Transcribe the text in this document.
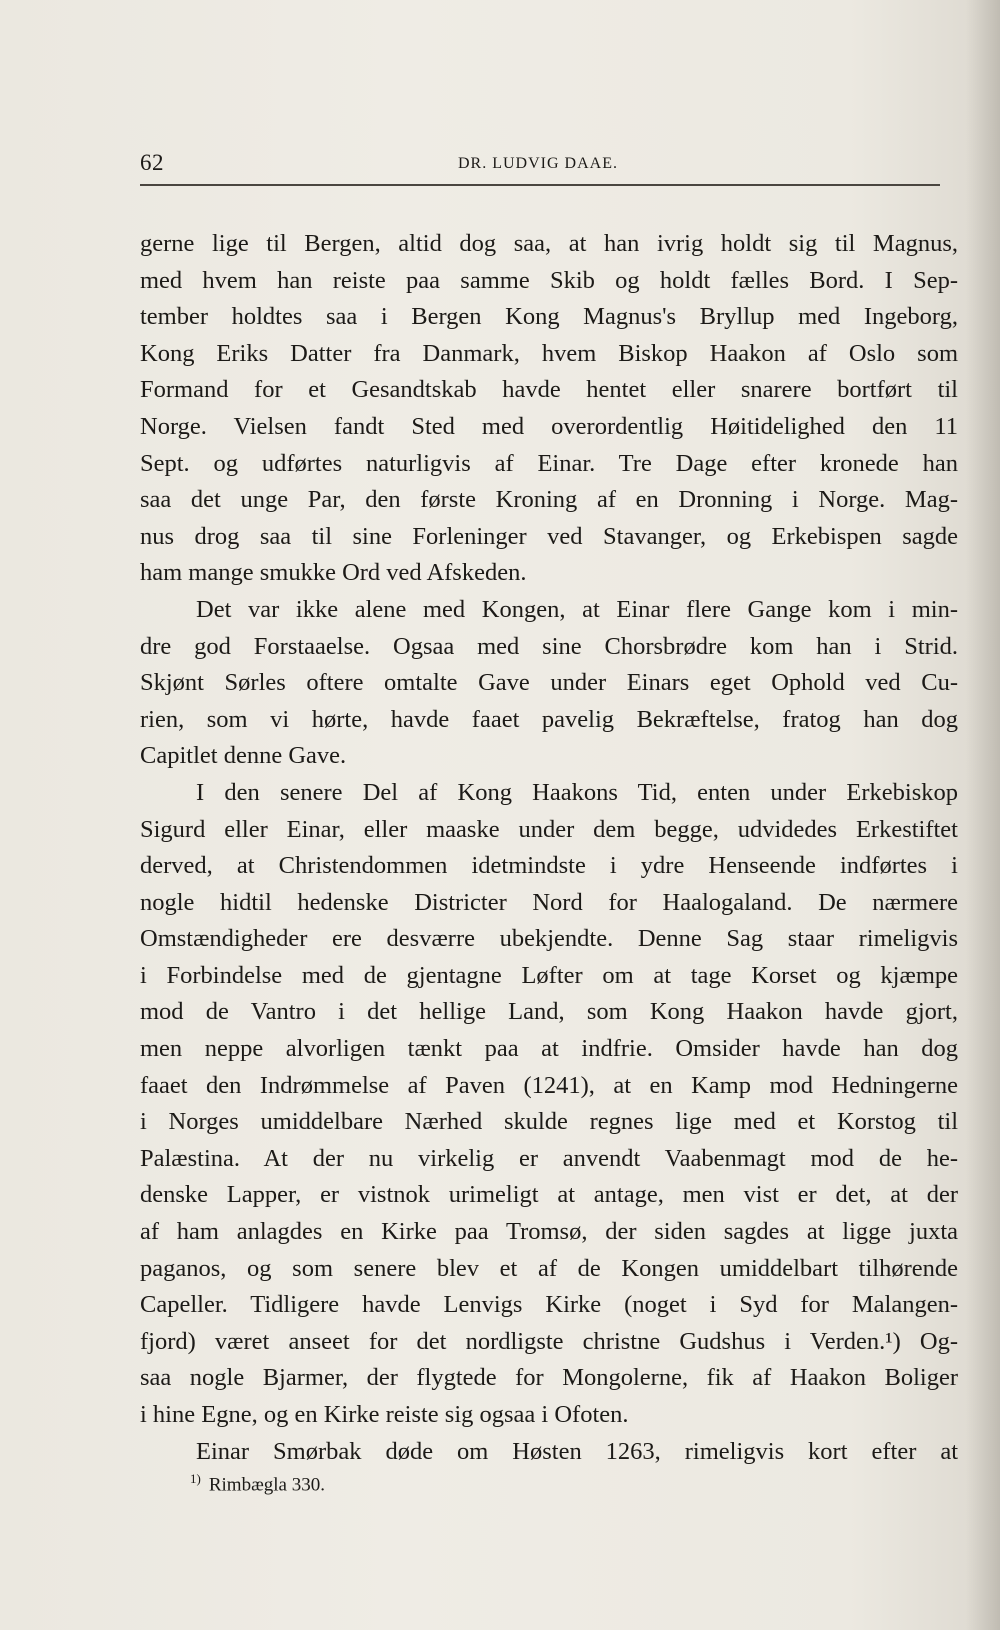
62	DR. LUDVIG DAAE.
gerne lige til Bergen, altid dog saa, at han ivrig holdt sig til Magnus,
med hvem han reiste paa samme Skib og holdt fælles Bord. I Sep-
tember holdtes saa i Bergen Kong Magnus's Bryllup med Ingeborg,
Kong Eriks Datter fra Danmark, hvem Biskop Haakon af Oslo som
Formand for et Gesandtskab havde hentet eller snarere bortført til
Norge. Vielsen fandt Sted med overordentlig Høitidelighed den 11
Sept. og udførtes naturligvis af Einar. Tre Dage efter kronede han
saa det unge Par, den første Kroning af en Dronning i Norge. Mag-
nus drog saa til sine Forleninger ved Stavanger, og Erkebispen sagde
ham mange smukke Ord ved Afskeden.
Det var ikke alene med Kongen, at Einar flere Gange kom i min-
dre god Forstaaelse. Ogsaa med sine Chorsbrødre kom han i Strid.
Skjønt Sørles oftere omtalte Gave under Einars eget Ophold ved Cu-
rien, som vi hørte, havde faaet pavelig Bekræftelse, fratog han dog
Capitlet denne Gave.
I den senere Del af Kong Haakons Tid, enten under Erkebiskop
Sigurd eller Einar, eller maaske under dem begge, udvidedes Erkestiftet
derved, at Christendommen idetmindste i ydre Henseende indførtes i
nogle hidtil hedenske Districter Nord for Haalogaland. De nærmere
Omstændigheder ere desværre ubekjendte. Denne Sag staar rimeligvis
i Forbindelse med de gjentagne Løfter om at tage Korset og kjæmpe
mod de Vantro i det hellige Land, som Kong Haakon havde gjort,
men neppe alvorligen tænkt paa at indfrie. Omsider havde han dog
faaet den Indrømmelse af Paven (1241), at en Kamp mod Hedningerne
i Norges umiddelbare Nærhed skulde regnes lige med et Korstog til
Palæstina. At der nu virkelig er anvendt Vaabenmagt mod de he-
denske Lapper, er vistnok urimeligt at antage, men vist er det, at der
af ham anlagdes en Kirke paa Tromsø, der siden sagdes at ligge juxta
paganos, og som senere blev et af de Kongen umiddelbart tilhørende
Capeller. Tidligere havde Lenvigs Kirke (noget i Syd for Malangen-
fjord) været anseet for det nordligste christne Gudshus i Verden.¹) Og-
saa nogle Bjarmer, der flygtede for Mongolerne, fik af Haakon Boliger
i hine Egne, og en Kirke reiste sig ogsaa i Ofoten.
Einar Smørbak døde om Høsten 1263, rimeligvis kort efter at
$^{1)}$ Rimbægla 330.
